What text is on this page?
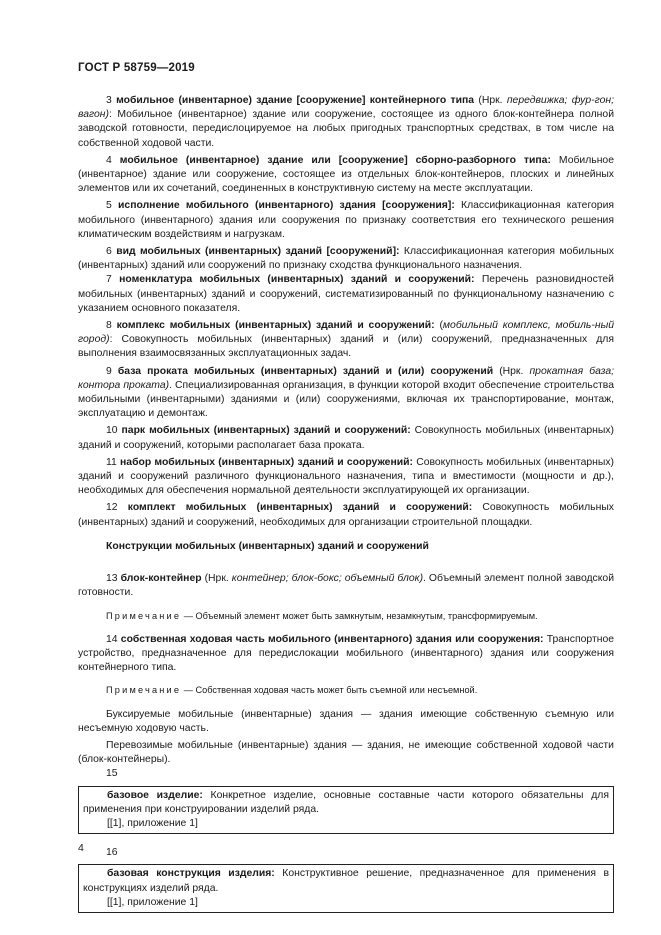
ГОСТ Р 58759—2019

3 мобильное (инвентарное) здание [сооружение] контейнерного типа (Нрк. передвижка; фур-гон; вагон): Мобильное (инвентарное) здание или сооружение, состоящее из одного блок-контейнера полной заводской готовности, передислоцируемое на любых пригодных транспортных средствах, в том числе на собственной ходовой части.

4 мобильное (инвентарное) здание или [сооружение] сборно-разборного типа: Мобильное (инвентарное) здание или сооружение, состоящее из отдельных блок-контейнеров, плоских и линейных элементов или их сочетаний, соединенных в конструктивную систему на месте эксплуатации.

5 исполнение мобильного (инвентарного) здания [сооружения]: Классификационная категория мобильного (инвентарного) здания или сооружения по признаку соответствия его технического решения климатическим воздействиям и нагрузкам.

6 вид мобильных (инвентарных) зданий [сооружений]: Классификационная категория мобильных (инвентарных) зданий или сооружений по признаку сходства функционального назначения.

7 номенклатура мобильных (инвентарных) зданий и сооружений: Перечень разновидностей мобильных (инвентарных) зданий и сооружений, систематизированный по функциональному назначению с указанием основного показателя.

8 комплекс мобильных (инвентарных) зданий и сооружений: (мобильный комплекс, мобиль-ный город): Совокупность мобильных (инвентарных) зданий и (или) сооружений, предназначенных для выполнения взаимосвязанных эксплуатационных задач.

9 база проката мобильных (инвентарных) зданий и (или) сооружений (Нрк. прокатная база; контора проката). Специализированная организация, в функции которой входит обеспечение строительства мобильными (инвентарными) зданиями и (или) сооружениями, включая их транспортирование, монтаж, эксплуатацию и демонтаж.

10 парк мобильных (инвентарных) зданий и сооружений: Совокупность мобильных (инвентарных) зданий и сооружений, которыми располагает база проката.

11 набор мобильных (инвентарных) зданий и сооружений: Совокупность мобильных (инвентарных) зданий и сооружений различного функционального назначения, типа и вместимости (мощности и др.), необходимых для обеспечения нормальной деятельности эксплуатирующей их организации.

12 комплект мобильных (инвентарных) зданий и сооружений: Совокупность мобильных (инвентарных) зданий и сооружений, необходимых для организации строительной площадки.

Конструкции мобильных (инвентарных) зданий и сооружений

13 блок-контейнер (Нрк. контейнер; блок-бокс; объемный блок). Объемный элемент полной заводской готовности.

Примечание — Объемный элемент может быть замкнутым, незамкнутым, трансформируемым.

14 собственная ходовая часть мобильного (инвентарного) здания или сооружения: Транспортное устройство, предназначенное для передислокации мобильного (инвентарного) здания или сооружения контейнерного типа.

Примечание — Собственная ходовая часть может быть съемной или несъемной.

Буксируемые мобильные (инвентарные) здания — здания имеющие собственную съемную или несъемную ходовую часть.

Перевозимые мобильные (инвентарные) здания — здания, не имеющие собственной ходовой части (блок-контейнеры).

15

базовое изделие: Конкретное изделие, основные составные части которого обязательны для применения при конструировании изделий ряда.

[[1], приложение 1]

16

базовая конструкция изделия: Конструктивное решение, предназначенное для применения в конструкциях изделий ряда.

[[1], приложение 1]
4
